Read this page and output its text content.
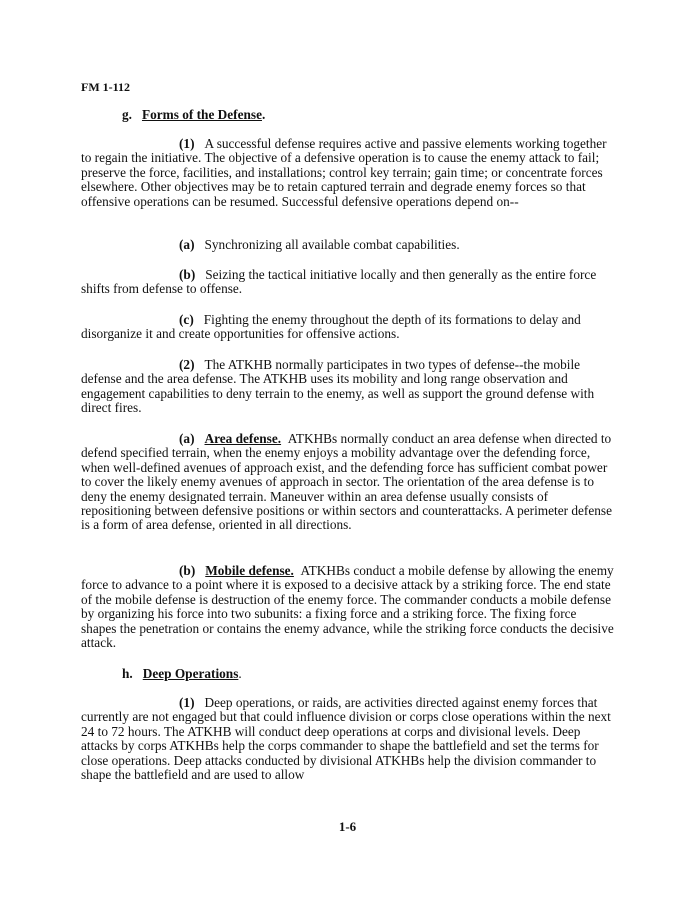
FM 1-112

g. Forms of the Defense.

(1) A successful defense requires active and passive elements working together to regain the initiative. The objective of a defensive operation is to cause the enemy attack to fail; preserve the force, facilities, and installations; control key terrain; gain time; or concentrate forces elsewhere. Other objectives may be to retain captured terrain and degrade enemy forces so that offensive operations can be resumed. Successful defensive operations depend on--

(a) Synchronizing all available combat capabilities.

(b) Seizing the tactical initiative locally and then generally as the entire force shifts from defense to offense.

(c) Fighting the enemy throughout the depth of its formations to delay and disorganize it and create opportunities for offensive actions.

(2) The ATKHB normally participates in two types of defense--the mobile defense and the area defense. The ATKHB uses its mobility and long range observation and engagement capabilities to deny terrain to the enemy, as well as support the ground defense with direct fires.

(a) Area defense. ATKHBs normally conduct an area defense when directed to defend specified terrain, when the enemy enjoys a mobility advantage over the defending force, when well-defined avenues of approach exist, and the defending force has sufficient combat power to cover the likely enemy avenues of approach in sector. The orientation of the area defense is to deny the enemy designated terrain. Maneuver within an area defense usually consists of repositioning between defensive positions or within sectors and counterattacks. A perimeter defense is a form of area defense, oriented in all directions.

(b) Mobile defense. ATKHBs conduct a mobile defense by allowing the enemy force to advance to a point where it is exposed to a decisive attack by a striking force. The end state of the mobile defense is destruction of the enemy force. The commander conducts a mobile defense by organizing his force into two subunits: a fixing force and a striking force. The fixing force shapes the penetration or contains the enemy advance, while the striking force conducts the decisive attack.

h. Deep Operations.

(1) Deep operations, or raids, are activities directed against enemy forces that currently are not engaged but that could influence division or corps close operations within the next 24 to 72 hours. The ATKHB will conduct deep operations at corps and divisional levels. Deep attacks by corps ATKHBs help the corps commander to shape the battlefield and set the terms for close operations. Deep attacks conducted by divisional ATKHBs help the division commander to shape the battlefield and are used to allow

1-6
